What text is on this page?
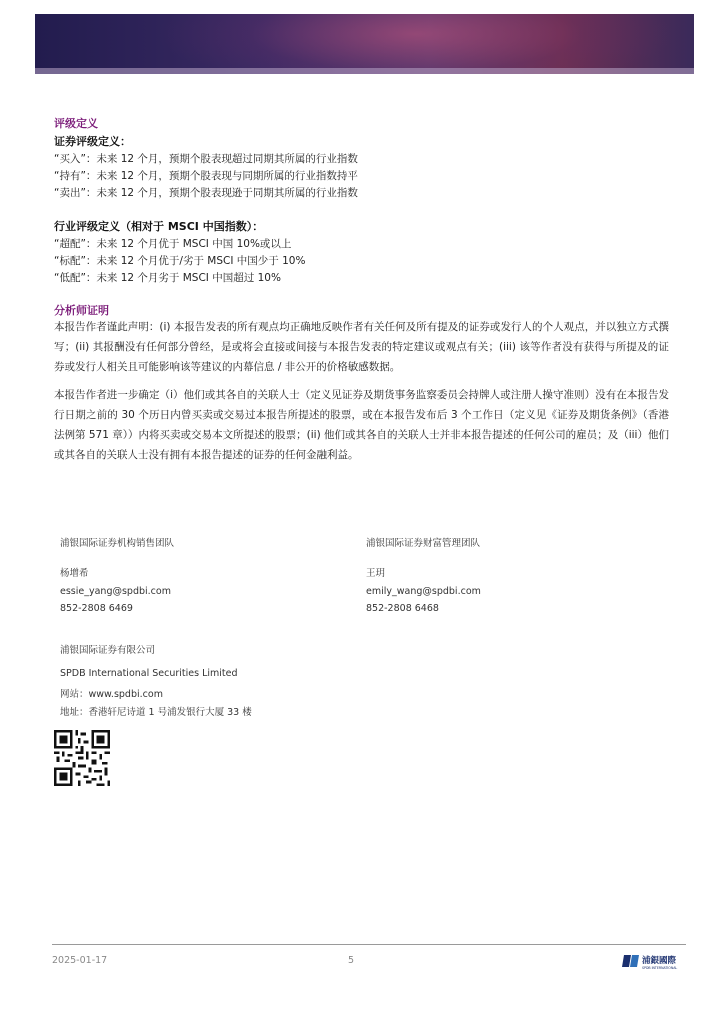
评级定义
证券评级定义：
“买入”：未来 12 个月，预期个股表现超过同期其所属的行业指数
“持有”：未来 12 个月，预期个股表现与同期所属的行业指数持平
“卖出”：未来 12 个月，预期个股表现逊于同期其所属的行业指数
行业评级定义（相对于 MSCI 中国指数）：
“超配”：未来 12 个月优于 MSCI 中国 10%或以上
“标配”：未来 12 个月优于/劣于 MSCI 中国少于 10%
“低配”：未来 12 个月劣于 MSCI 中国超过 10%
分析师证明
本报告作者谨此声明：(i) 本报告发表的所有观点均正确地反映作者有关任何及所有提及的证券或发行人的个人观点，并以独立方式撰写；(ii) 其报酬没有任何部分曾经，是或将会直接或间接与本报告发表的特定建议或观点有关；(iii) 该等作者没有获得与所提及的证券或发行人相关且可能影响该等建议的内幕信息 / 非公开的价格敏感数据。
本报告作者进一步确定（i）他们或其各自的关联人士（定义见证券及期货事务监察委员会持牌人或注册人操守准则）没有在本报告发行日期之前的 30 个历日内曾买卖或交易过本报告所提述的股票，或在本报告发布后 3 个工作日（定义见《证券及期货条例》（香港法例第 571 章））内将买卖或交易本文所提述的股票；(ii) 他们或其各自的关联人士并非本报告提述的任何公司的雇员；及（iii）他们或其各自的关联人士没有拥有本报告提述的证券的任何金融利益。
浦银国际证券机构销售团队
杨增希
essie_yang@spdbi.com
852-2808 6469
浦银国际证券财富管理团队
王玥
emily_wang@spdbi.com
852-2808 6468
浦银国际证券有限公司
SPDB International Securities Limited
网站：www.spdbi.com
地址：香港轩尼诗道 1 号浦发银行大厦 33 楼
2025-01-17	5	浦銀國際
SPDB INTERNATIONAL
